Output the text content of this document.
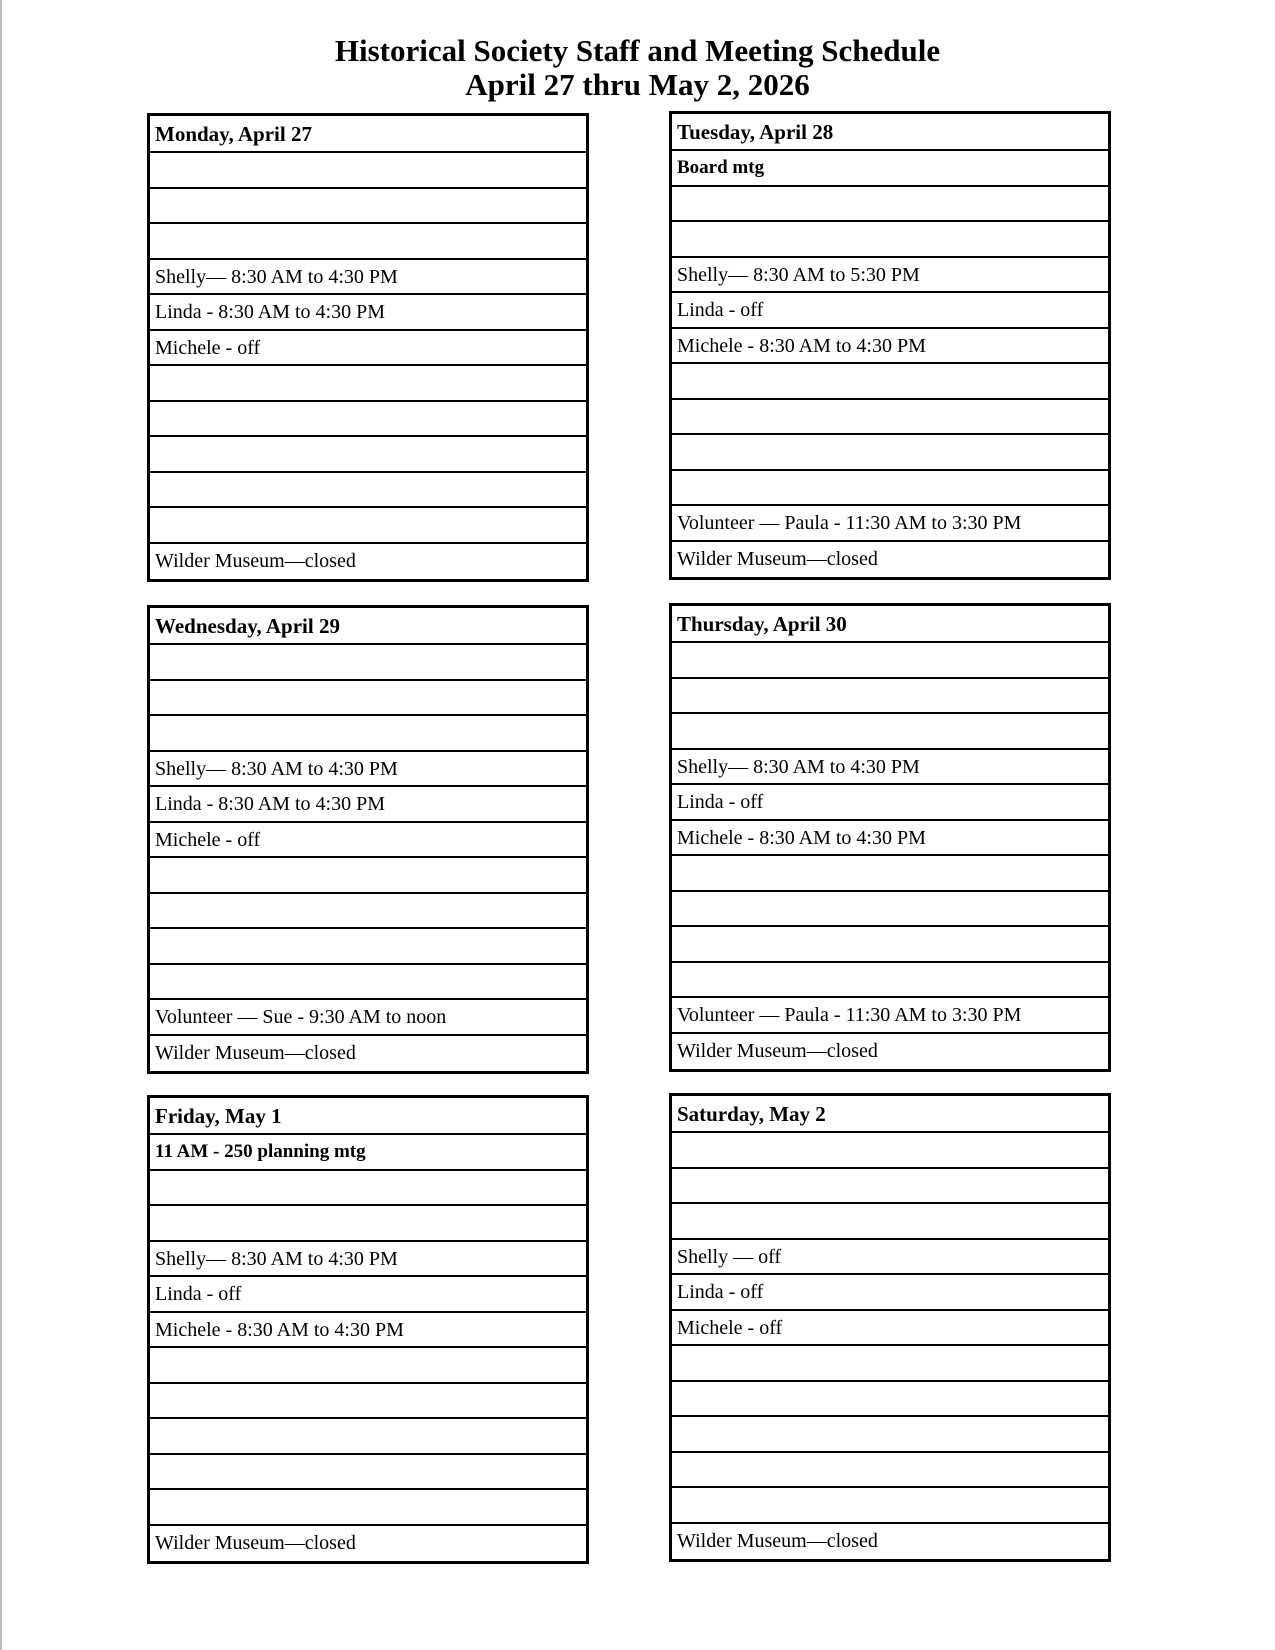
Historical Society Staff and Meeting Schedule
April 27 thru May 2, 2026
Monday, April 27
Shelly— 8:30 AM to 4:30 PM
Linda - 8:30 AM to 4:30 PM
Michele - off
Wilder Museum—closed
Tuesday, April 28
Board mtg
Shelly— 8:30 AM to 5:30 PM
Linda - off
Michele - 8:30 AM to 4:30 PM
Volunteer — Paula - 11:30 AM to 3:30 PM
Wilder Museum—closed
Wednesday, April 29
Shelly— 8:30 AM to 4:30 PM
Linda - 8:30 AM to 4:30 PM
Michele - off
Volunteer — Sue - 9:30 AM to noon
Wilder Museum—closed
Thursday, April 30
Shelly— 8:30 AM to 4:30 PM
Linda - off
Michele - 8:30 AM to 4:30 PM
Volunteer — Paula - 11:30 AM to 3:30 PM
Wilder Museum—closed
Friday, May 1
11 AM - 250 planning mtg
Shelly— 8:30 AM to 4:30 PM
Linda - off
Michele - 8:30 AM to 4:30 PM
Wilder Museum—closed
Saturday, May 2
Shelly — off
Linda - off
Michele - off
Wilder Museum—closed
